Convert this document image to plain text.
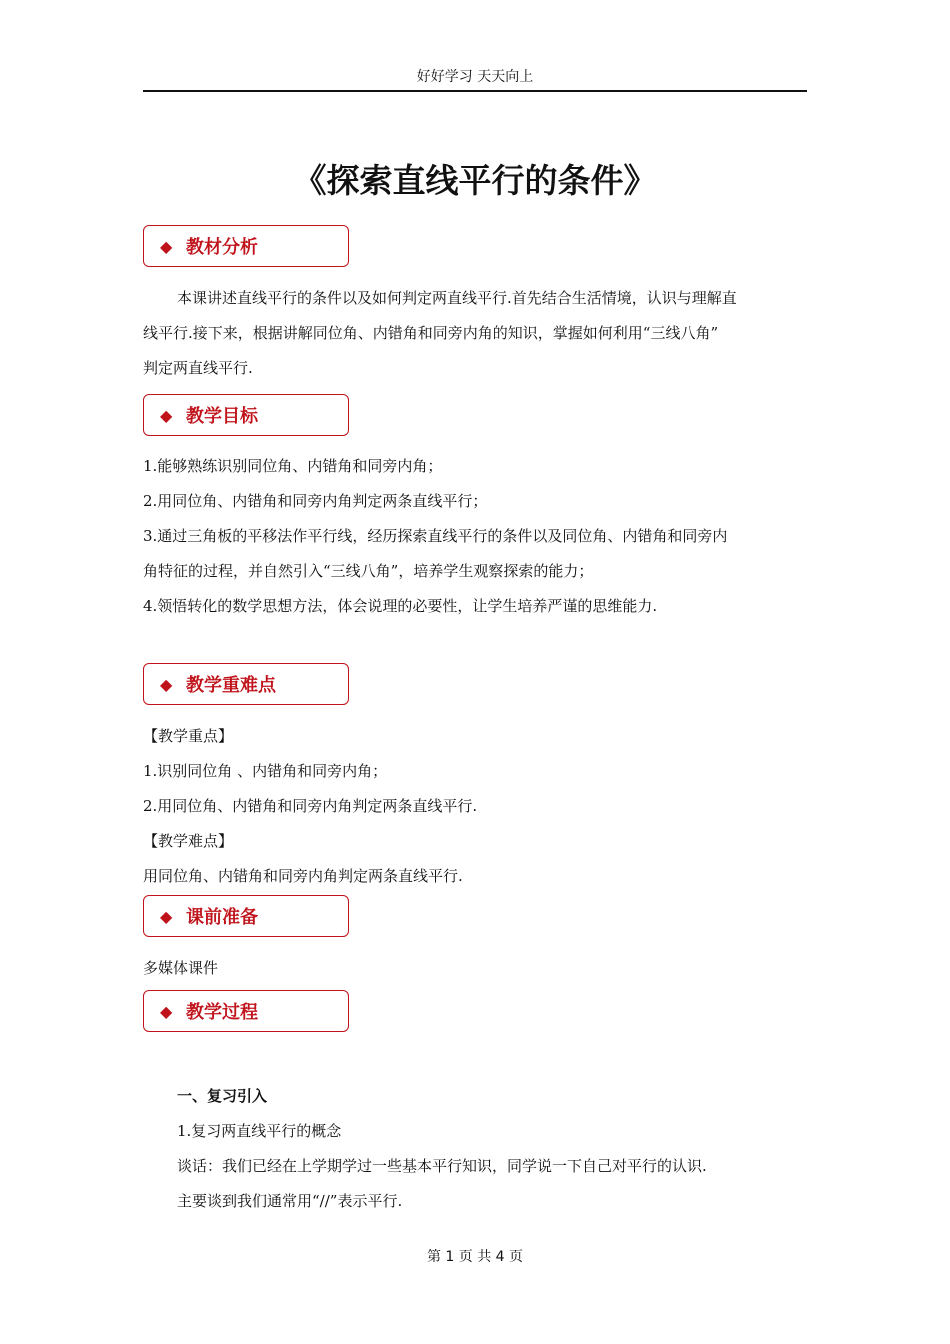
好好学习 天天向上
《探索直线平行的条件》
◆ 教材分析
本课讲述直线平行的条件以及如何判定两直线平行.首先结合生活情境，认识与理解直
线平行.接下来，根据讲解同位角、内错角和同旁内角的知识，掌握如何利用“三线八角”
判定两直线平行.
◆ 教学目标
1.能够熟练识别同位角、内错角和同旁内角；
2.用同位角、内错角和同旁内角判定两条直线平行；
3.通过三角板的平移法作平行线，经历探索直线平行的条件以及同位角、内错角和同旁内
角特征的过程，并自然引入“三线八角”，培养学生观察探索的能力；
4.领悟转化的数学思想方法，体会说理的必要性，让学生培养严谨的思维能力.
◆ 教学重难点
【教学重点】
1.识别同位角 、内错角和同旁内角；
2.用同位角、内错角和同旁内角判定两条直线平行.
【教学难点】
用同位角、内错角和同旁内角判定两条直线平行.
◆ 课前准备
多媒体课件
◆ 教学过程
一、复习引入
1.复习两直线平行的概念
谈话：我们已经在上学期学过一些基本平行知识，同学说一下自己对平行的认识.
主要谈到我们通常用“//”表示平行.
第 1 页 共 4 页
